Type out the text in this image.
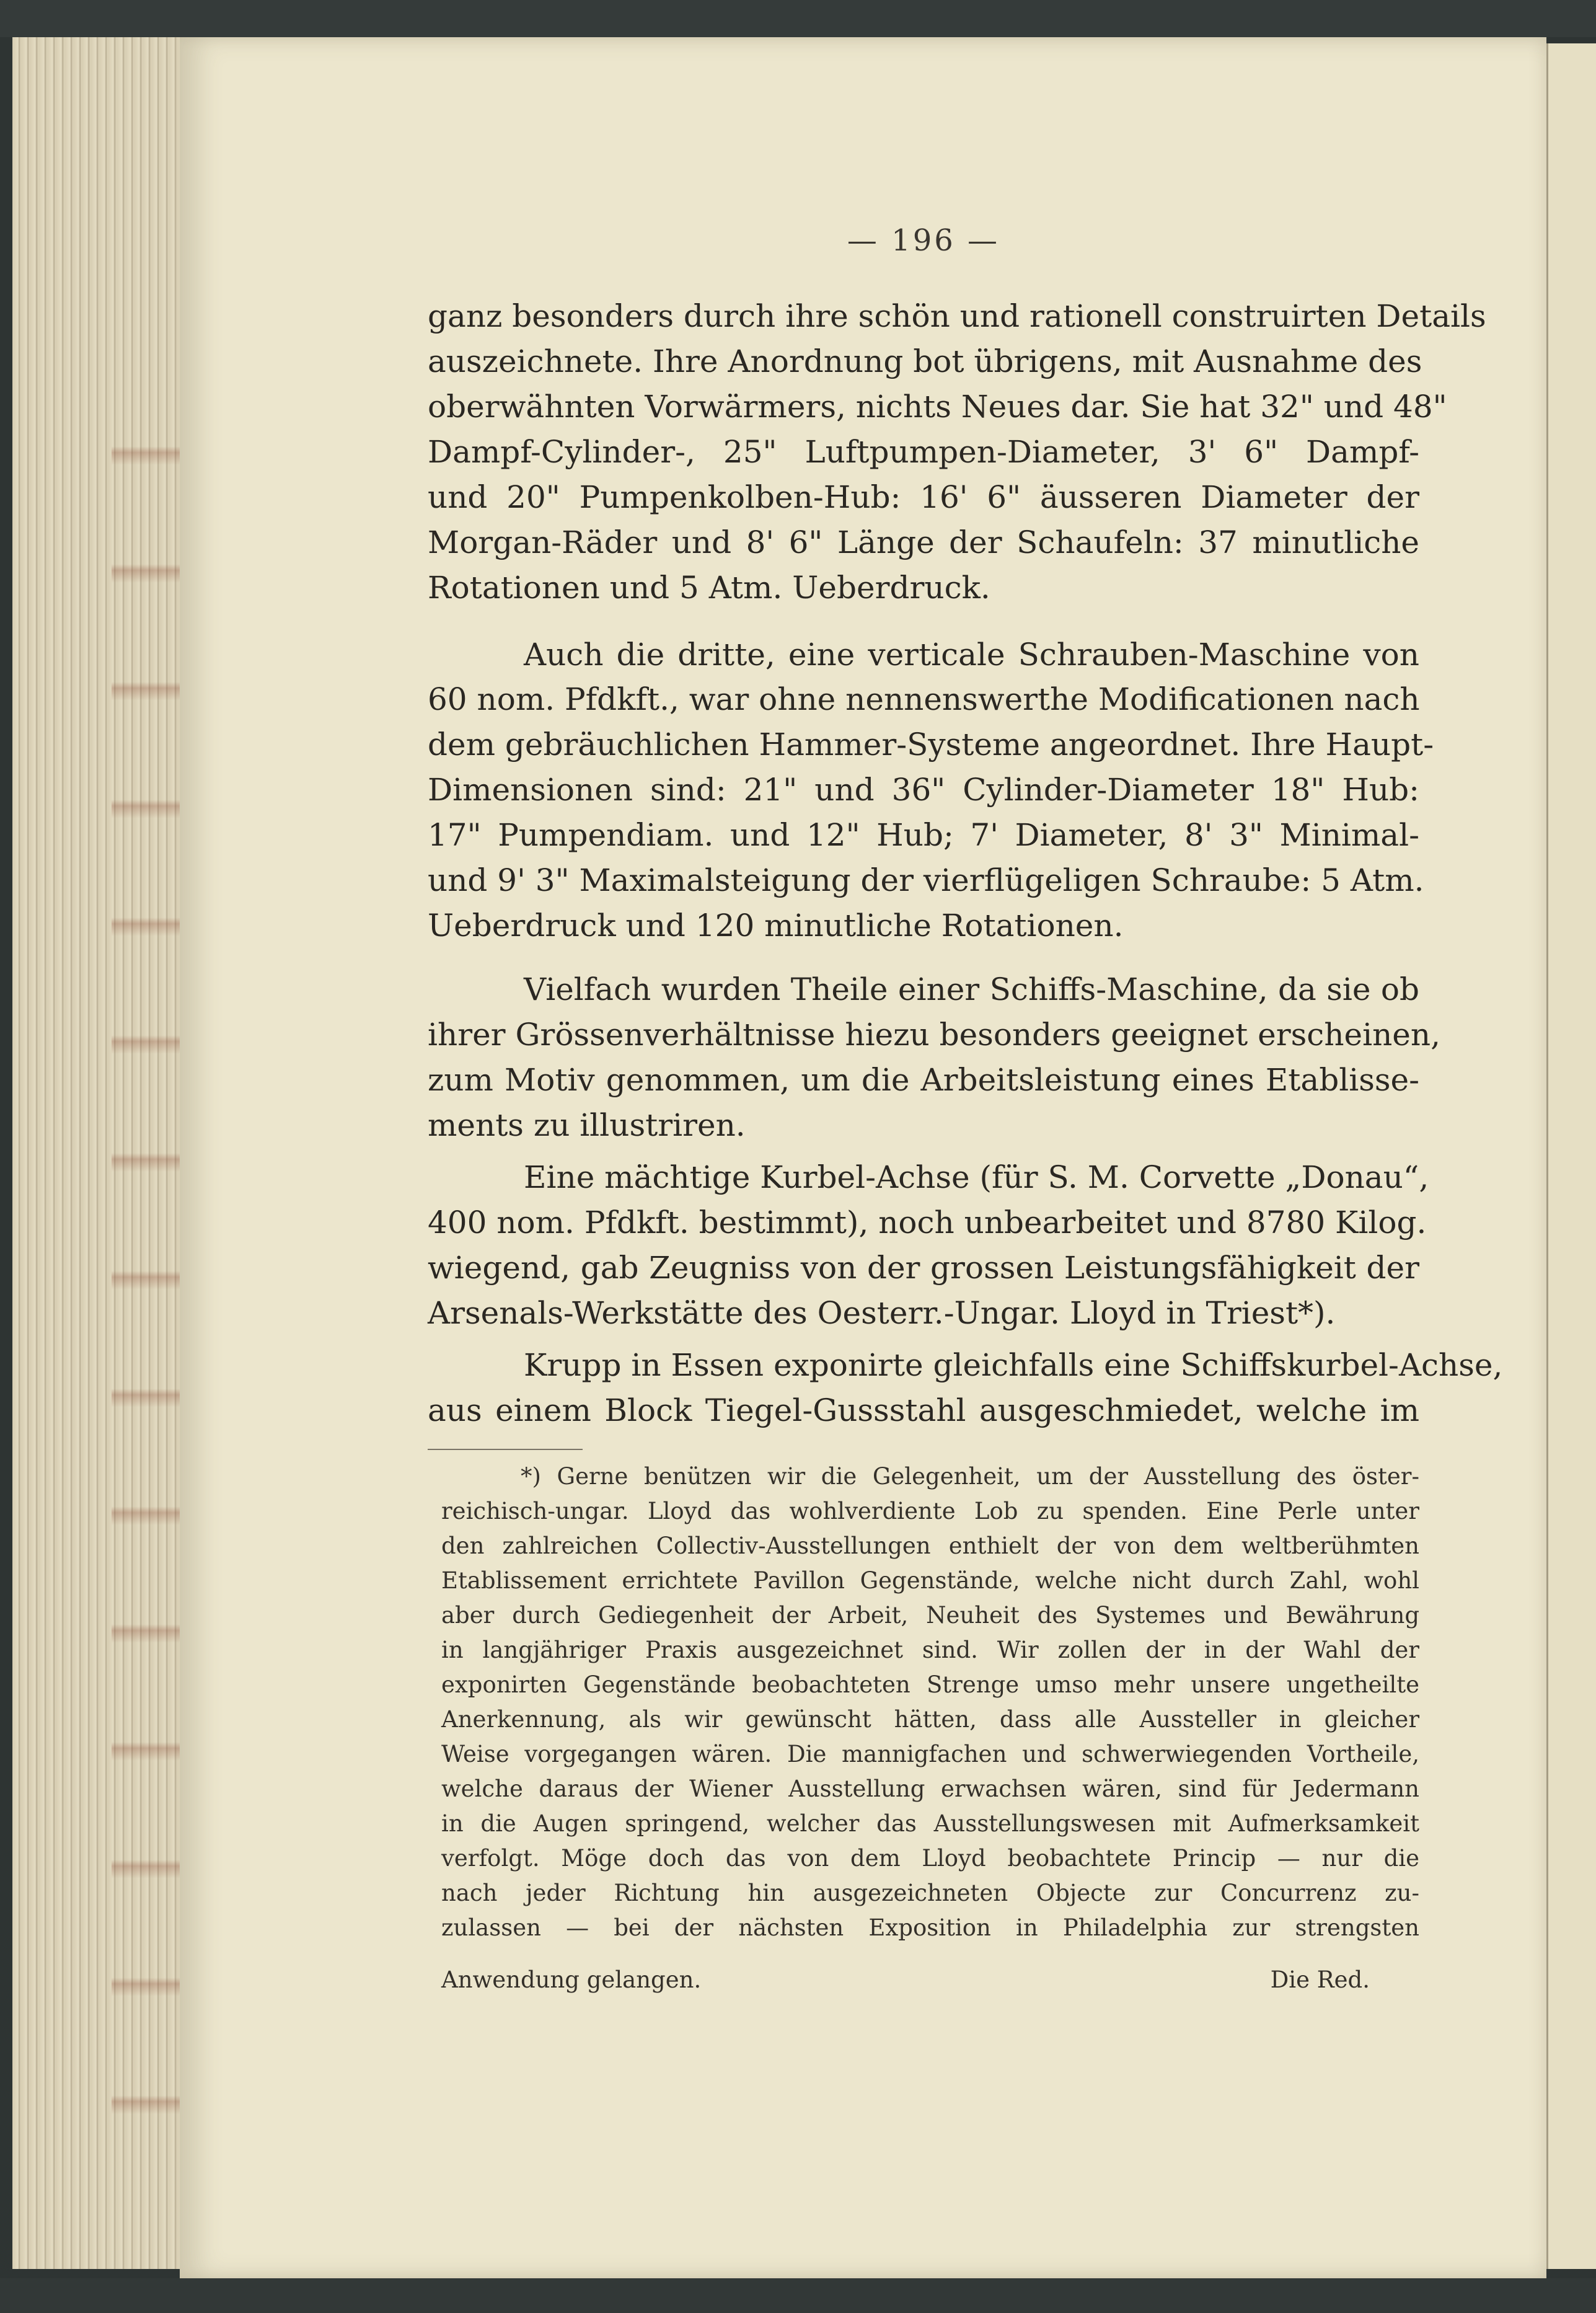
— 196 —
ganz besonders durch ihre schön und rationell construirten Details
auszeichnete. Ihre Anordnung bot übrigens, mit Ausnahme des
oberwähnten Vorwärmers, nichts Neues dar. Sie hat 32" und 48"
Dampf-Cylinder-, 25" Luftpumpen-Diameter, 3' 6" Dampf-
und 20" Pumpenkolben-Hub: 16' 6" äusseren Diameter der
Morgan-Räder und 8' 6" Länge der Schaufeln: 37 minutliche
Rotationen und 5 Atm. Ueberdruck.
Auch die dritte, eine verticale Schrauben-Maschine von
60 nom. Pfdkft., war ohne nennenswerthe Modificationen nach
dem gebräuchlichen Hammer-Systeme angeordnet. Ihre Haupt-
Dimensionen sind: 21" und 36" Cylinder-Diameter 18" Hub:
17" Pumpendiam. und 12" Hub; 7' Diameter, 8' 3" Minimal-
und 9' 3" Maximalsteigung der vierflügeligen Schraube: 5 Atm.
Ueberdruck und 120 minutliche Rotationen.
Vielfach wurden Theile einer Schiffs-Maschine, da sie ob
ihrer Grössenverhältnisse hiezu besonders geeignet erscheinen,
zum Motiv genommen, um die Arbeitsleistung eines Etablisse-
ments zu illustriren.
Eine mächtige Kurbel-Achse (für S. M. Corvette „Donau“,
400 nom. Pfdkft. bestimmt), noch unbearbeitet und 8780 Kilog.
wiegend, gab Zeugniss von der grossen Leistungsfähigkeit der
Arsenals-Werkstätte des Oesterr.-Ungar. Lloyd in Triest*).
Krupp in Essen exponirte gleichfalls eine Schiffskurbel-Achse,
aus einem Block Tiegel-Gussstahl ausgeschmiedet, welche im
*) Gerne benützen wir die Gelegenheit, um der Ausstellung des öster-
reichisch-ungar. Lloyd das wohlverdiente Lob zu spenden. Eine Perle unter
den zahlreichen Collectiv-Ausstellungen enthielt der von dem weltberühmten
Etablissement errichtete Pavillon Gegenstände, welche nicht durch Zahl, wohl
aber durch Gediegenheit der Arbeit, Neuheit des Systemes und Bewährung
in langjähriger Praxis ausgezeichnet sind. Wir zollen der in der Wahl der
exponirten Gegenstände beobachteten Strenge umso mehr unsere ungetheilte
Anerkennung, als wir gewünscht hätten, dass alle Aussteller in gleicher
Weise vorgegangen wären. Die mannigfachen und schwerwiegenden Vortheile,
welche daraus der Wiener Ausstellung erwachsen wären, sind für Jedermann
in die Augen springend, welcher das Ausstellungswesen mit Aufmerksamkeit
verfolgt. Möge doch das von dem Lloyd beobachtete Princip — nur die
nach jeder Richtung hin ausgezeichneten Objecte zur Concurrenz zu-
zulassen — bei der nächsten Exposition in Philadelphia zur strengsten
Anwendung gelangen.	Die Red.
